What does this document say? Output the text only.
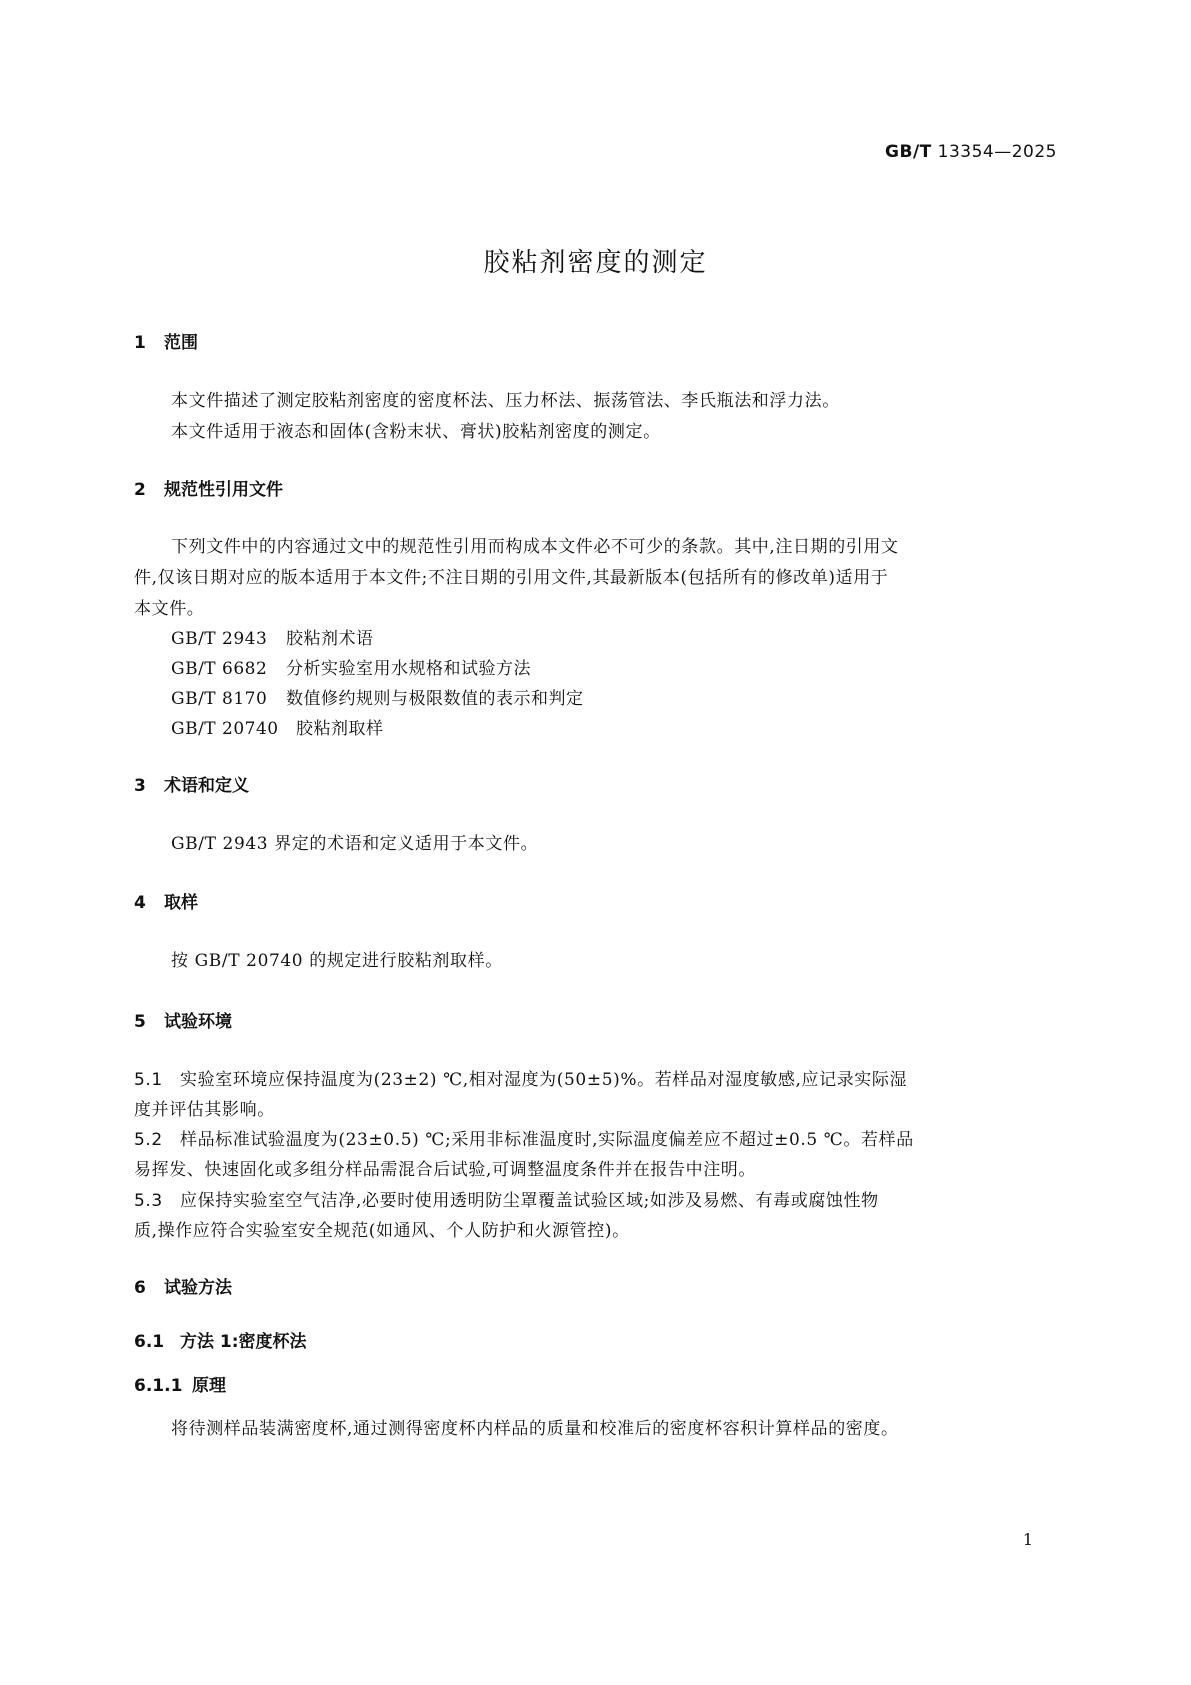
GB/T 13354—2025
胶粘剂密度的测定
1 范围
本文件描述了测定胶粘剂密度的密度杯法、压力杯法、振荡管法、李氏瓶法和浮力法。
本文件适用于液态和固体(含粉末状、膏状)胶粘剂密度的测定。
2 规范性引用文件
下列文件中的内容通过文中的规范性引用而构成本文件必不可少的条款。其中,注日期的引用文
件,仅该日期对应的版本适用于本文件;不注日期的引用文件,其最新版本(包括所有的修改单)适用于
本文件。
GB/T 2943 胶粘剂术语
GB/T 6682 分析实验室用水规格和试验方法
GB/T 8170 数值修约规则与极限数值的表示和判定
GB/T 20740 胶粘剂取样
3 术语和定义
GB/T 2943 界定的术语和定义适用于本文件。
4 取样
按 GB/T 20740 的规定进行胶粘剂取样。
5 试验环境
5.1 实验室环境应保持温度为(23±2) ℃,相对湿度为(50±5)%。若样品对湿度敏感,应记录实际湿
度并评估其影响。
5.2 样品标准试验温度为(23±0.5) ℃;采用非标准温度时,实际温度偏差应不超过±0.5 ℃。若样品
易挥发、快速固化或多组分样品需混合后试验,可调整温度条件并在报告中注明。
5.3 应保持实验室空气洁净,必要时使用透明防尘罩覆盖试验区域;如涉及易燃、有毒或腐蚀性物
质,操作应符合实验室安全规范(如通风、个人防护和火源管控)。
6 试验方法
6.1 方法 1:密度杯法
6.1.1 原理
将待测样品装满密度杯,通过测得密度杯内样品的质量和校准后的密度杯容积计算样品的密度。
1
